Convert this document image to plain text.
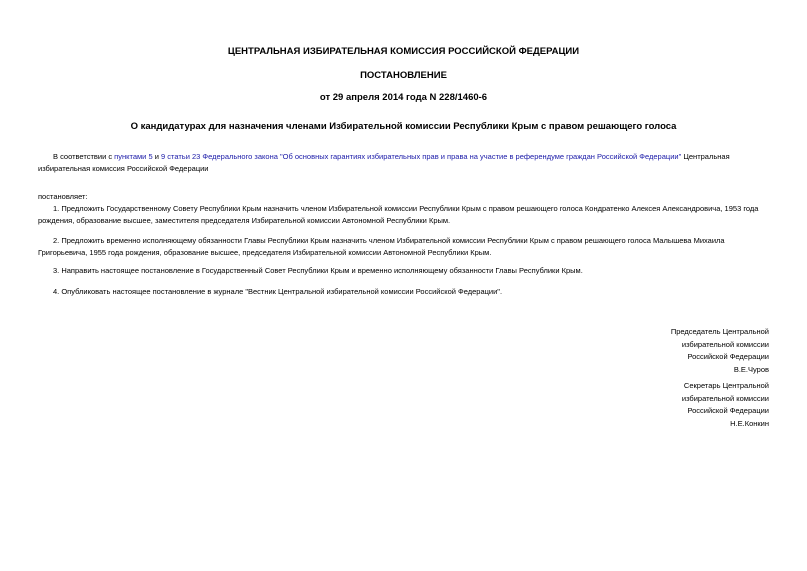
ЦЕНТРАЛЬНАЯ ИЗБИРАТЕЛЬНАЯ КОМИССИЯ РОССИЙСКОЙ ФЕДЕРАЦИИ
ПОСТАНОВЛЕНИЕ
от 29 апреля 2014 года N 228/1460-6
О кандидатурах для назначения членами Избирательной комиссии Республики Крым с правом решающего голоса
В соответствии с пунктами 5 и 9 статьи 23 Федерального закона "Об основных гарантиях избирательных прав и права на участие в референдуме граждан Российской Федерации" Центральная избирательная комиссия Российской Федерации
постановляет:
1. Предложить Государственному Совету Республики Крым назначить членом Избирательной комиссии Республики Крым с правом решающего голоса Кондратенко Алексея Александровича, 1953 года рождения, образование высшее, заместителя председателя Избирательной комиссии Автономной Республики Крым.
2. Предложить временно исполняющему обязанности Главы Республики Крым назначить членом Избирательной комиссии Республики Крым с правом решающего голоса Малышева Михаила Григорьевича, 1955 года рождения, образование высшее, председателя Избирательной комиссии Автономной Республики Крым.
3. Направить настоящее постановление в Государственный Совет Республики Крым и временно исполняющему обязанности Главы Республики Крым.
4. Опубликовать настоящее постановление в журнале "Вестник Центральной избирательной комиссии Российской Федерации".
Председатель Центральной
избирательной комиссии
Российской Федерации
В.Е.Чуров
Секретарь Центральной
избирательной комиссии
Российской Федерации
Н.Е.Конкин
